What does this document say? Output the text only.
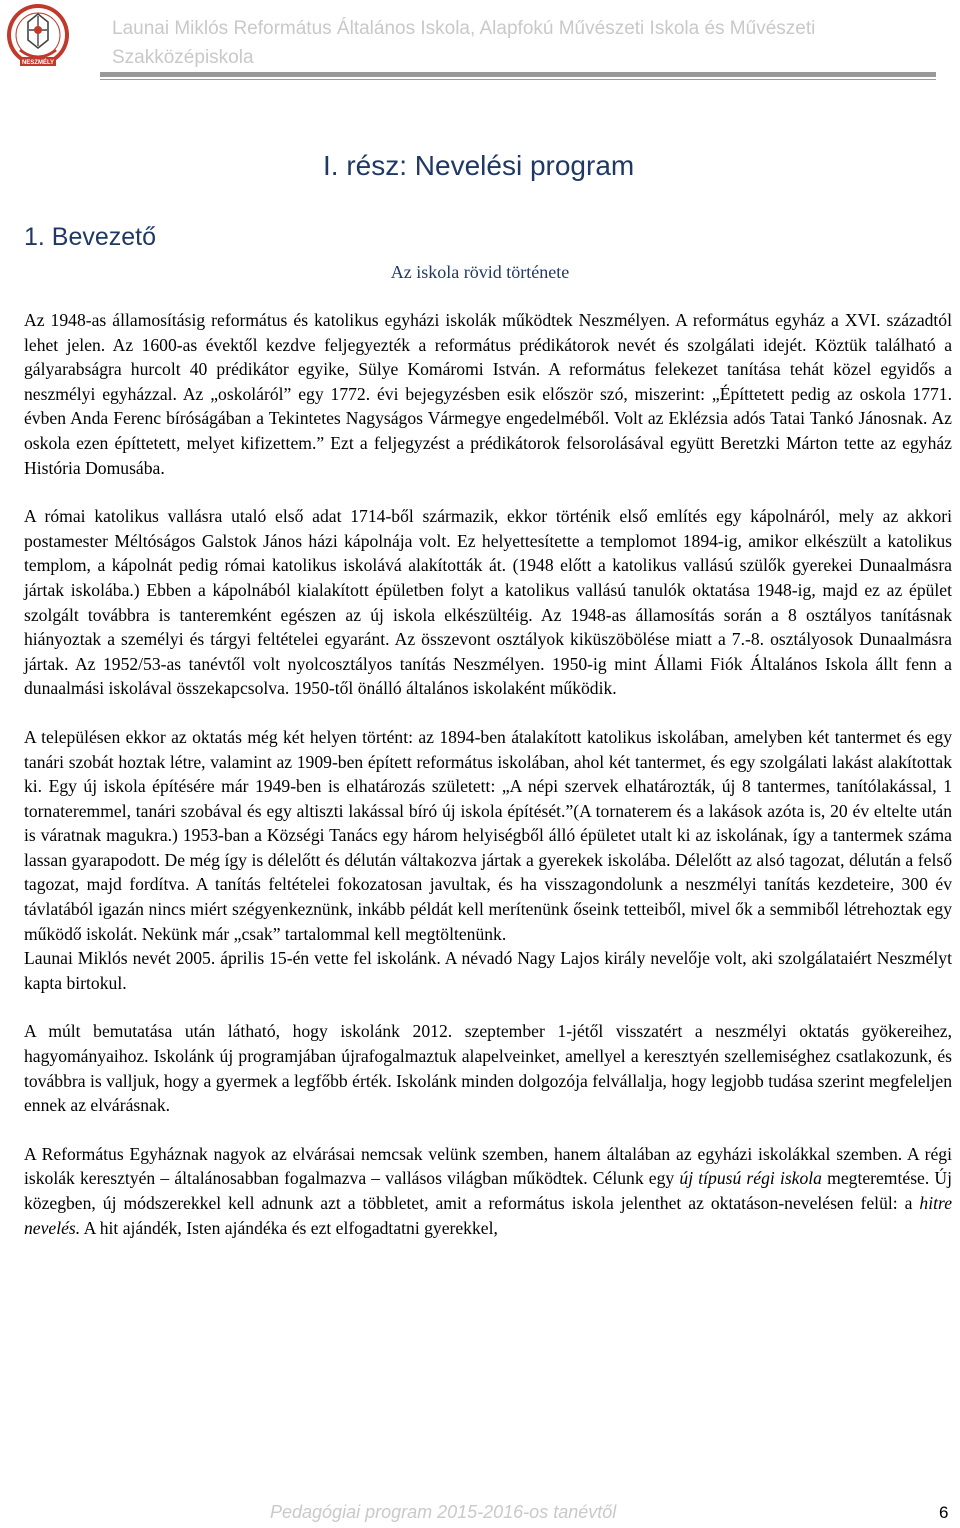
NESZMÉLY
Launai Miklós Református Általános Iskola, Alapfokú Művészeti Iskola és Művészeti Szakközépiskola
I. rész: Nevelési program
1. Bevezető
Az iskola rövid története

Az 1948-as államosításig református és katolikus egyházi iskolák működtek Neszmélyen. A református egyház a XVI. századtól lehet jelen. Az 1600-as évektől kezdve feljegyezték a református prédikátorok nevét és szolgálati idejét. Köztük található a gályarabságra hurcolt 40 prédikátor egyike, Sülye Komáromi István. A református felekezet tanítása tehát közel egyidős a neszmélyi egyházzal. Az „oskoláról” egy 1772. évi bejegyzésben esik először szó, miszerint: „Építtetett pedig az oskola 1771. évben Anda Ferenc bíróságában a Tekintetes Nagyságos Vármegye engedelméből. Volt az Eklézsia adós Tatai Tankó Jánosnak. Az oskola ezen építtetett, melyet kifizettem.” Ezt a feljegyzést a prédikátorok felsorolásával együtt Beretzki Márton tette az egyház História Domusába.

A római katolikus vallásra utaló első adat 1714-ből származik, ekkor történik első említés egy kápolnáról, mely az akkori postamester Méltóságos Galstok János házi kápolnája volt. Ez helyettesítette a templomot 1894-ig, amikor elkészült a katolikus templom, a kápolnát pedig római katolikus iskolává alakították át. (1948 előtt a katolikus vallású szülők gyerekei Dunaalmásra jártak iskolába.) Ebben a kápolnából kialakított épületben folyt a katolikus vallású tanulók oktatása 1948-ig, majd ez az épület szolgált továbbra is tanteremként egészen az új iskola elkészültéig. Az 1948-as államosítás során a 8 osztályos tanításnak hiányoztak a személyi és tárgyi feltételei egyaránt. Az összevont osztályok kiküszöbölése miatt a 7.-8. osztályosok Dunaalmásra jártak. Az 1952/53-as tanévtől volt nyolcosztályos tanítás Neszmélyen. 1950-ig mint Állami Fiók Általános Iskola állt fenn a dunaalmási iskolával összekapcsolva. 1950-től önálló általános iskolaként működik.

A településen ekkor az oktatás még két helyen történt: az 1894-ben átalakított katolikus iskolában, amelyben két tantermet és egy tanári szobát hoztak létre, valamint az 1909-ben épített református iskolában, ahol két tantermet, és egy szolgálati lakást alakítottak ki. Egy új iskola építésére már 1949-ben is elhatározás született: „A népi szervek elhatározták, új 8 tantermes, tanítólakással, 1 tornateremmel, tanári szobával és egy altiszti lakással bíró új iskola építését.”(A tornaterem és a lakások azóta is, 20 év eltelte után is váratnak magukra.) 1953-ban a Községi Tanács egy három helyiségből álló épületet utalt ki az iskolának, így a tantermek száma lassan gyarapodott. De még így is délelőtt és délután váltakozva jártak a gyerekek iskolába. Délelőtt az alsó tagozat, délután a felső tagozat, majd fordítva. A tanítás feltételei fokozatosan javultak, és ha visszagondolunk a neszmélyi tanítás kezdeteire, 300 év távlatából igazán nincs miért szégyenkeznünk, inkább példát kell merítenünk őseink tetteiből, mivel ők a semmiből létrehoztak egy működő iskolát. Nekünk már „csak” tartalommal kell megtöltenünk.

Launai Miklós nevét 2005. április 15-én vette fel iskolánk. A névadó Nagy Lajos király nevelője volt, aki szolgálataiért Neszmélyt kapta birtokul.

A múlt bemutatása után látható, hogy iskolánk 2012. szeptember 1-jétől visszatért a neszmélyi oktatás gyökereihez, hagyományaihoz. Iskolánk új programjában újrafogalmaztuk alapelveinket, amellyel a keresztyén szellemiséghez csatlakozunk, és továbbra is valljuk, hogy a gyermek a legfőbb érték. Iskolánk minden dolgozója felvállalja, hogy legjobb tudása szerint megfeleljen ennek az elvárásnak.

A Református Egyháznak nagyok az elvárásai nemcsak velünk szemben, hanem általában az egyházi iskolákkal szemben. A régi iskolák keresztyén – általánosabban fogalmazva – vallásos világban működtek. Célunk egy új típusú régi iskola megteremtése. Új közegben, új módszerekkel kell adnunk azt a többletet, amit a református iskola jelenthet az oktatáson-nevelésen felül: a hitre nevelés. A hit ajándék, Isten ajándéka és ezt elfogadtatni gyerekkel,

Pedagógiai program 2015-2016-os tanévtől	6
